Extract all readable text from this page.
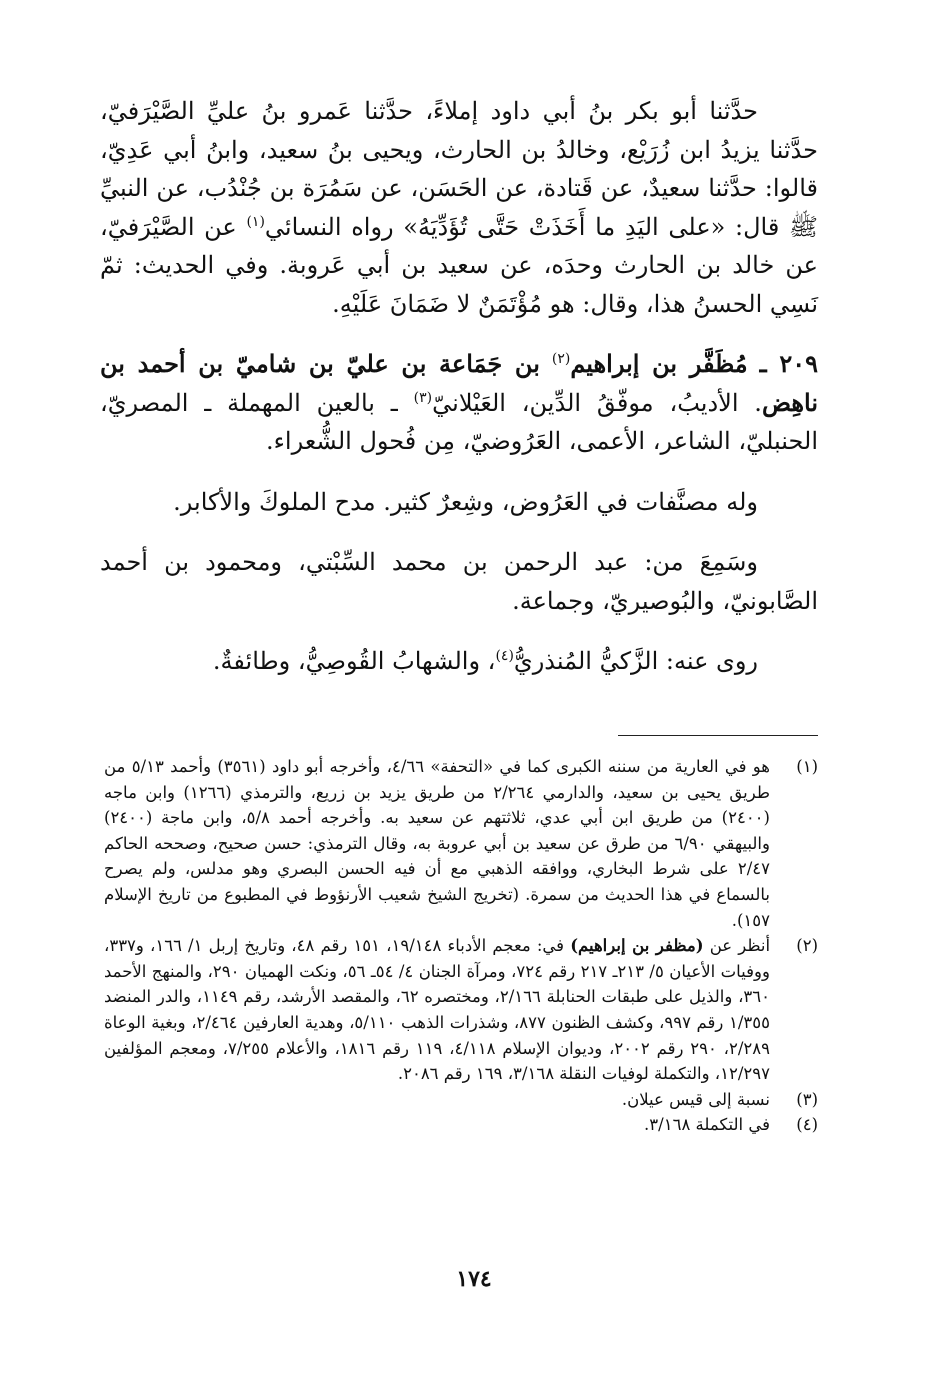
حدَّثنا أبو بكر بنُ أبي داود إملاءً، حدَّثنا عَمرو بنُ عليِّ الصَّيْرَفيّ، حدَّثنا يزيدُ ابن زُرَيْع، وخالدُ بن الحارث، ويحيى بنُ سعيد، وابنُ أبي عَدِيّ، قالوا: حدَّثنا سعيدٌ، عن قَتادة، عن الحَسَن، عن سَمُرَة بن جُنْدُب، عن النبيِّ ﷺ قال: «على اليَدِ ما أَخَذَتْ حَتَّى تُؤَدِّيَهُ» رواه النسائي$^{(١)}$ عن الصَّيْرَفيّ، عن خالد بن الحارث وحدَه، عن سعيد بن أبي عَروبة. وفي الحديث: ثمّ نَسِي الحسنُ هذا، وقال: هو مُؤْتَمَنٌ لا ضَمَانَ عَلَيْهِ.

٢٠٩ ـ مُظَفَّر بن إبراهيم$^{(٢)}$ بن جَمَاعة بن عليّ بن شاميّ بن أحمد بن ناهِض. الأديبُ، موفّقُ الدِّين، العَيْلانيّ$^{(٣)}$ ـ بالعين المهملة ـ المصريّ، الحنبليّ، الشاعر، الأعمى، العَرُوضيّ، مِن فُحول الشُّعراء.

وله مصنَّفات في العَرُوض، وشِعرٌ كثير. مدح الملوكَ والأكابر.

وسَمِعَ من: عبد الرحمن بن محمد السِّبْتي، ومحمود بن أحمد الصَّابونيّ، والبُوصيريّ، وجماعة.

روى عنه: الزَّكيُّ المُنذريُّ$^{(٤)}$، والشهابُ القُوصِيُّ، وطائفةٌ.

(١)
هو في العارية من سننه الكبرى كما في «التحفة» ٤/٦٦، وأخرجه أبو داود (٣٥٦١) وأحمد ٥/١٣ من طريق يحيى بن سعيد، والدارمي ٢/٢٦٤ من طريق يزيد بن زريع، والترمذي (١٢٦٦) وابن ماجه (٢٤٠٠) من طريق ابن أبي عدي، ثلاثتهم عن سعيد به. وأخرجه أحمد ٥/٨، وابن ماجة (٢٤٠٠) والبيهقي ٦/٩٠ من طرق عن سعيد بن أبي عروبة به، وقال الترمذي: حسن صحيح، وصححه الحاكم ٢/٤٧ على شرط البخاري، ووافقه الذهبي مع أن فيه الحسن البصري وهو مدلس، ولم يصرح بالسماع في هذا الحديث من سمرة. (تخريج الشيخ شعيب الأرنؤوط في المطبوع من تاريخ الإسلام ١٥٧).
(٢)
أنظر عن (مظفر بن إبراهيم) في: معجم الأدباء ١٩/١٤٨، ١٥١ رقم ٤٨، وتاريخ إربل ١/ ١٦٦، و٣٣٧، ووفيات الأعيان ٥/ ٢١٣ـ ٢١٧ رقم ٧٢٤، ومرآة الجنان ٤/ ٥٤ـ ٥٦، ونكت الهميان ٢٩٠، والمنهج الأحمد ٣٦٠، والذيل على طبقات الحنابلة ٢/١٦٦، ومختصره ٦٢، والمقصد الأرشد، رقم ١١٤٩، والدر المنضد ١/٣٥٥ رقم ٩٩٧، وكشف الظنون ٨٧٧، وشذرات الذهب ٥/١١٠، وهدية العارفين ٢/٤٦٤، وبغية الوعاة ٢/٢٨٩، ٢٩٠ رقم ٢٠٠٢، وديوان الإسلام ٤/١١٨، ١١٩ رقم ١٨١٦، والأعلام ٧/٢٥٥، ومعجم المؤلفين ١٢/٢٩٧، والتكملة لوفيات النقلة ٣/١٦٨، ١٦٩ رقم ٢٠٨٦.
(٣)
نسبة إلى قيس عيلان.
(٤)
في التكملة ٣/١٦٨.
١٧٤
